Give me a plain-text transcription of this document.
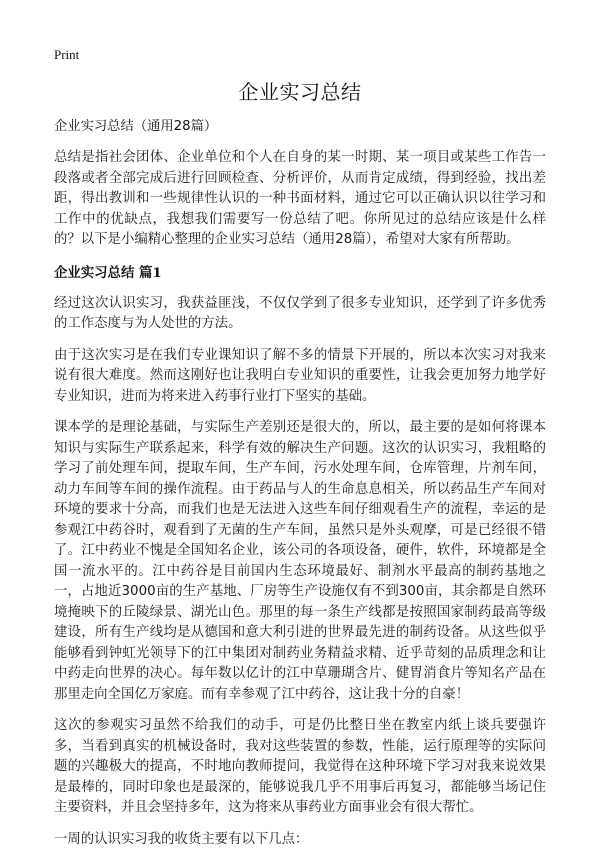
Print
企业实习总结

企业实习总结（通用28篇）

总结是指社会团体、企业单位和个人在自身的某一时期、某一项目或某些工作告一段落或者全部完成后进行回顾检查、分析评价，从而肯定成绩，得到经验，找出差距，得出教训和一些规律性认识的一种书面材料，通过它可以正确认识以往学习和工作中的优缺点，我想我们需要写一份总结了吧。你所见过的总结应该是什么样的？以下是小编精心整理的企业实习总结（通用28篇），希望对大家有所帮助。

企业实习总结 篇1

经过这次认识实习，我获益匪浅，不仅仅学到了很多专业知识，还学到了许多优秀的工作态度与为人处世的方法。

由于这次实习是在我们专业课知识了解不多的情景下开展的，所以本次实习对我来说有很大难度。然而这刚好也让我明白专业知识的重要性，让我会更加努力地学好专业知识，进而为将来进入药事行业打下坚实的基础。

课本学的是理论基础，与实际生产差别还是很大的，所以，最主要的是如何将课本知识与实际生产联系起来，科学有效的解决生产问题。这次的认识实习，我粗略的学习了前处理车间，提取车间，生产车间，污水处理车间，仓库管理，片剂车间，动力车间等车间的操作流程。由于药品与人的生命息息相关，所以药品生产车间对环境的要求十分高，而我们也是无法进入这些车间仔细观看生产的流程，幸运的是参观江中药谷时，观看到了无菌的生产车间，虽然只是外头观摩，可是已经很不错了。江中药业不愧是全国知名企业，该公司的各项设备，硬件，软件，环境都是全国一流水平的。江中药谷是目前国内生态环境最好、制剂水平最高的制药基地之一，占地近3000亩的生产基地、厂房等生产设施仅有不到300亩，其余都是自然环境掩映下的丘陵绿景、湖光山色。那里的每一条生产线都是按照国家制药最高等级建设，所有生产线均是从德国和意大利引进的世界最先进的制药设备。从这些似乎能够看到钟虹光领导下的江中集团对制药业务精益求精、近乎苛刻的品质理念和让中药走向世界的决心。每年数以亿计的江中草珊瑚含片、健胃消食片等知名产品在那里走向全国亿万家庭。而有幸参观了江中药谷，这让我十分的自豪！

这次的参观实习虽然不给我们的动手，可是仍比整日坐在教室内纸上谈兵要强许多，当看到真实的机械设备时，我对这些装置的参数，性能，运行原理等的实际问题的兴趣极大的提高，不时地向教师提问，我觉得在这种环境下学习对我来说效果是最棒的，同时印象也是最深的，能够说我几乎不用事后再复习，都能够当场记住主要资料，并且会坚持多年，这为将来从事药业方面事业会有很大帮忙。

一周的认识实习我的收货主要有以下几点：
